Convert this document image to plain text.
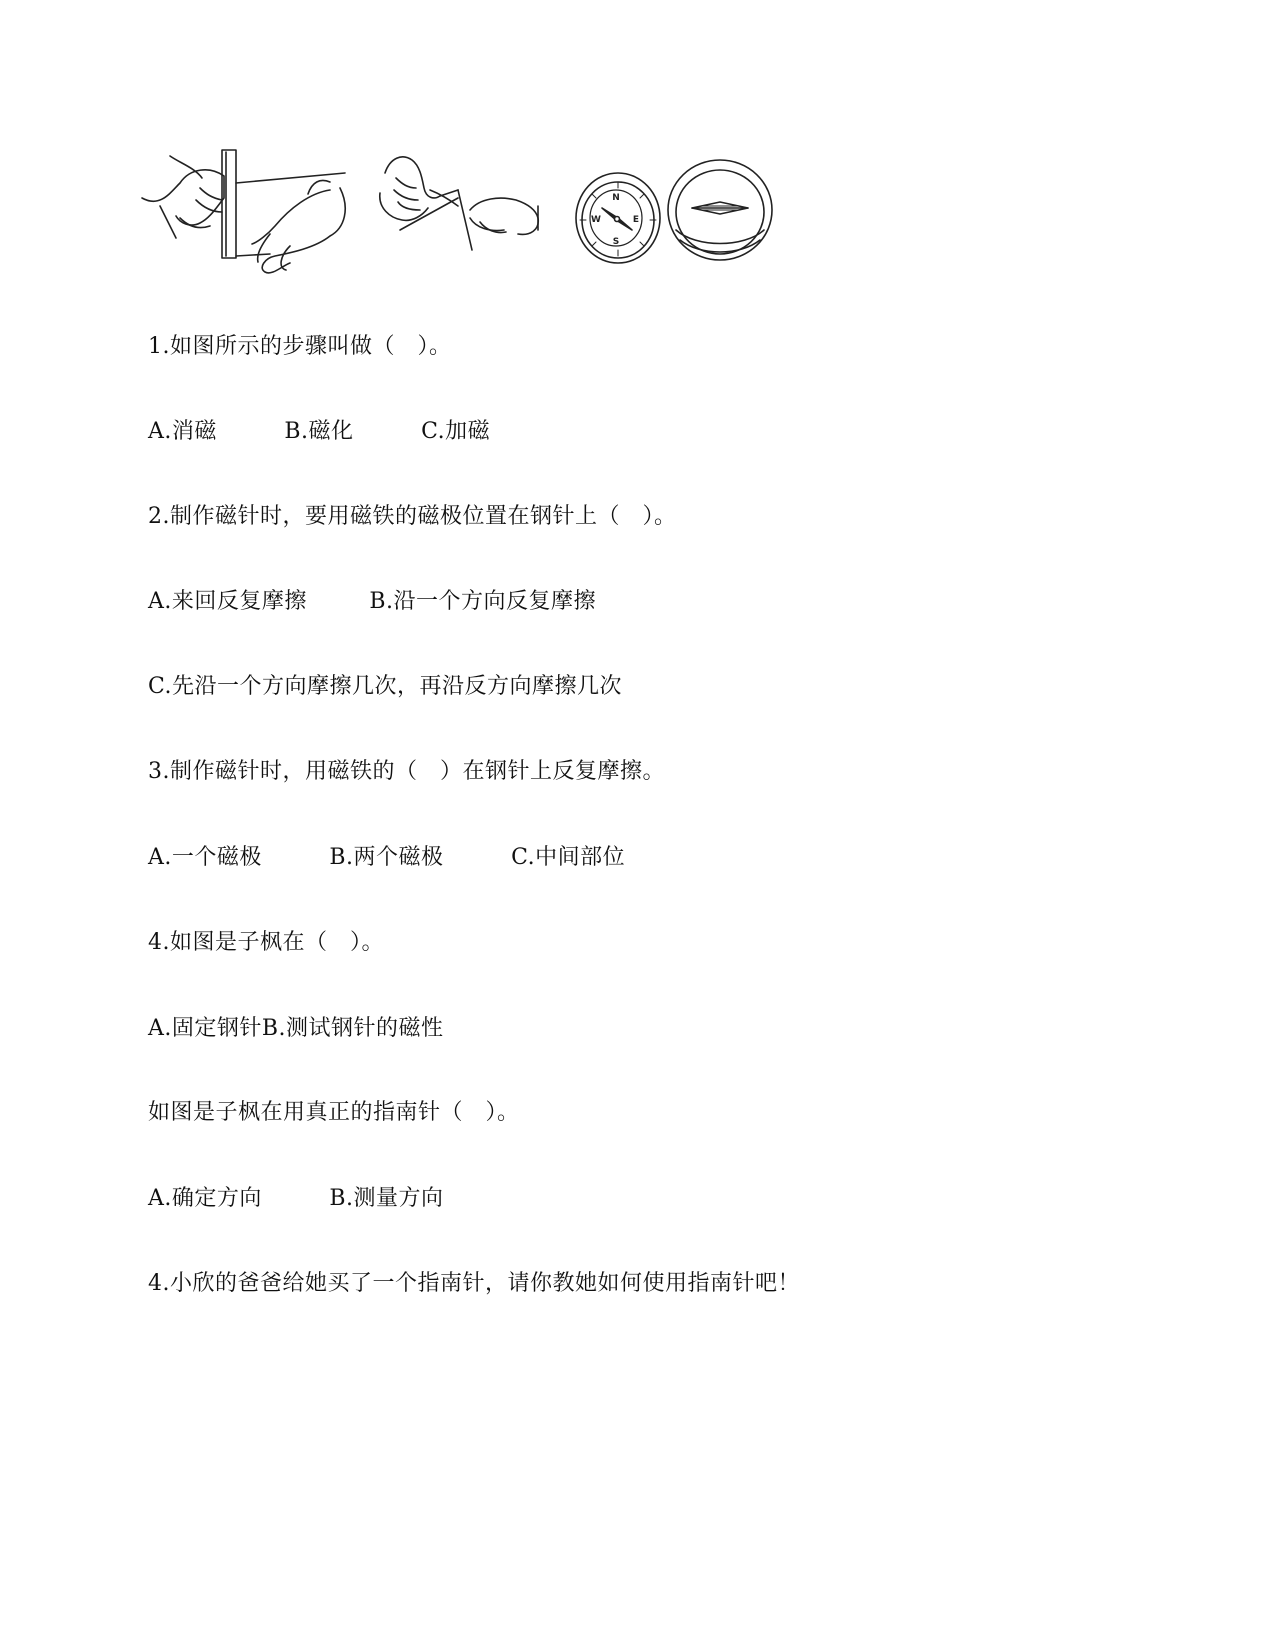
N
E
S
W
1.如图所示的步骤叫做（　）。
A.消磁	B.磁化	C.加磁
2.制作磁针时，要用磁铁的磁极位置在钢针上（　）。
A.来回反复摩擦	B.沿一个方向反复摩擦
C.先沿一个方向摩擦几次，再沿反方向摩擦几次
3.制作磁针时，用磁铁的（　）在钢针上反复摩擦。
A.一个磁极	B.两个磁极	C.中间部位
4.如图是子枫在（　）。
A.固定钢针B.测试钢针的磁性
如图是子枫在用真正的指南针（　）。
A.确定方向	B.测量方向
4.小欣的爸爸给她买了一个指南针，请你教她如何使用指南针吧！
